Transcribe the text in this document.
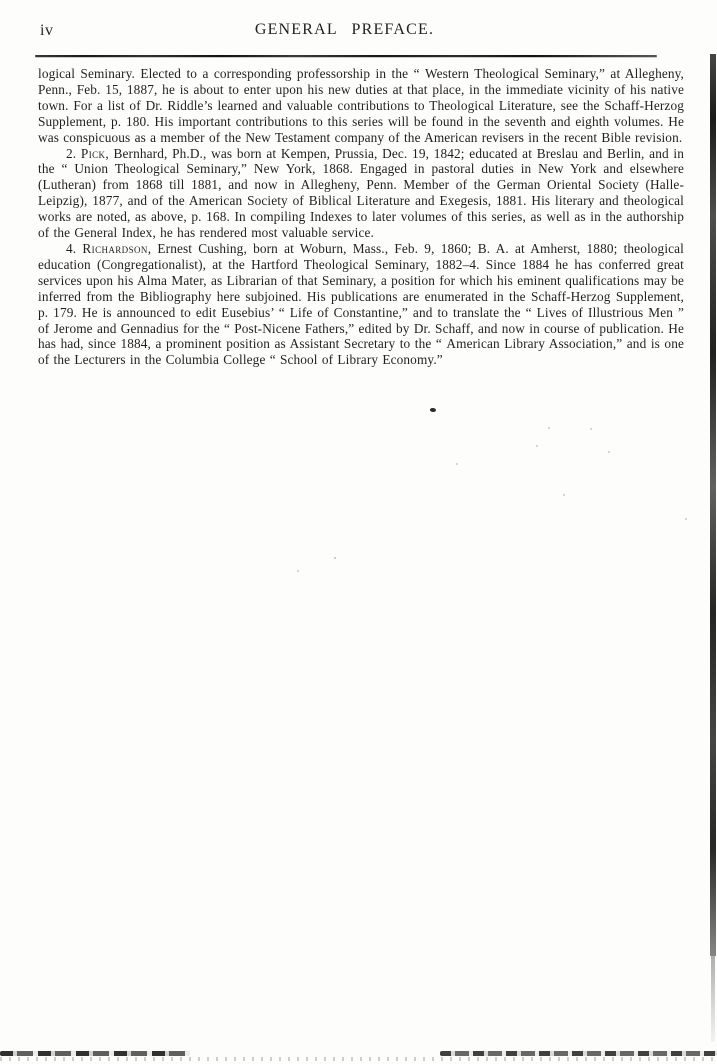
iv	GENERAL PREFACE.

logical Seminary. Elected to a corresponding professorship in the “ Western Theological Seminary,” at Allegheny, Penn., Feb. 15, 1887, he is about to enter upon his new duties at that place, in the immediate vicinity of his native town. For a list of Dr. Riddle’s learned and valuable contributions to Theological Literature, see the Schaff-Herzog Supplement, p. 180. His important contributions to this series will be found in the seventh and eighth volumes. He was conspicuous as a member of the New Testament company of the American revisers in the recent Bible revision.

2. Pick, Bernhard, Ph.D., was born at Kempen, Prussia, Dec. 19, 1842; educated at Breslau and Berlin, and in the “ Union Theological Seminary,” New York, 1868. Engaged in pastoral duties in New York and elsewhere (Lutheran) from 1868 till 1881, and now in Allegheny, Penn. Member of the German Oriental Society (Halle-Leipzig), 1877, and of the American Society of Biblical Literature and Exegesis, 1881. His literary and theological works are noted, as above, p. 168. In compiling Indexes to later volumes of this series, as well as in the authorship of the General Index, he has rendered most valuable service.

4. Richardson, Ernest Cushing, born at Woburn, Mass., Feb. 9, 1860; B. A. at Amherst, 1880; theological education (Congregationalist), at the Hartford Theological Seminary, 1882–4. Since 1884 he has conferred great services upon his Alma Mater, as Librarian of that Seminary, a position for which his eminent qualifications may be inferred from the Bibliography here subjoined. His publications are enumerated in the Schaff-Herzog Supplement, p. 179. He is announced to edit Eusebius’ “ Life of Constantine,” and to translate the “ Lives of Illustrious Men ” of Jerome and Gennadius for the “ Post-Nicene Fathers,” edited by Dr. Schaff, and now in course of publication. He has had, since 1884, a prominent position as Assistant Secretary to the “ American Library Association,” and is one of the Lecturers in the Columbia College “ School of Library Economy.”
